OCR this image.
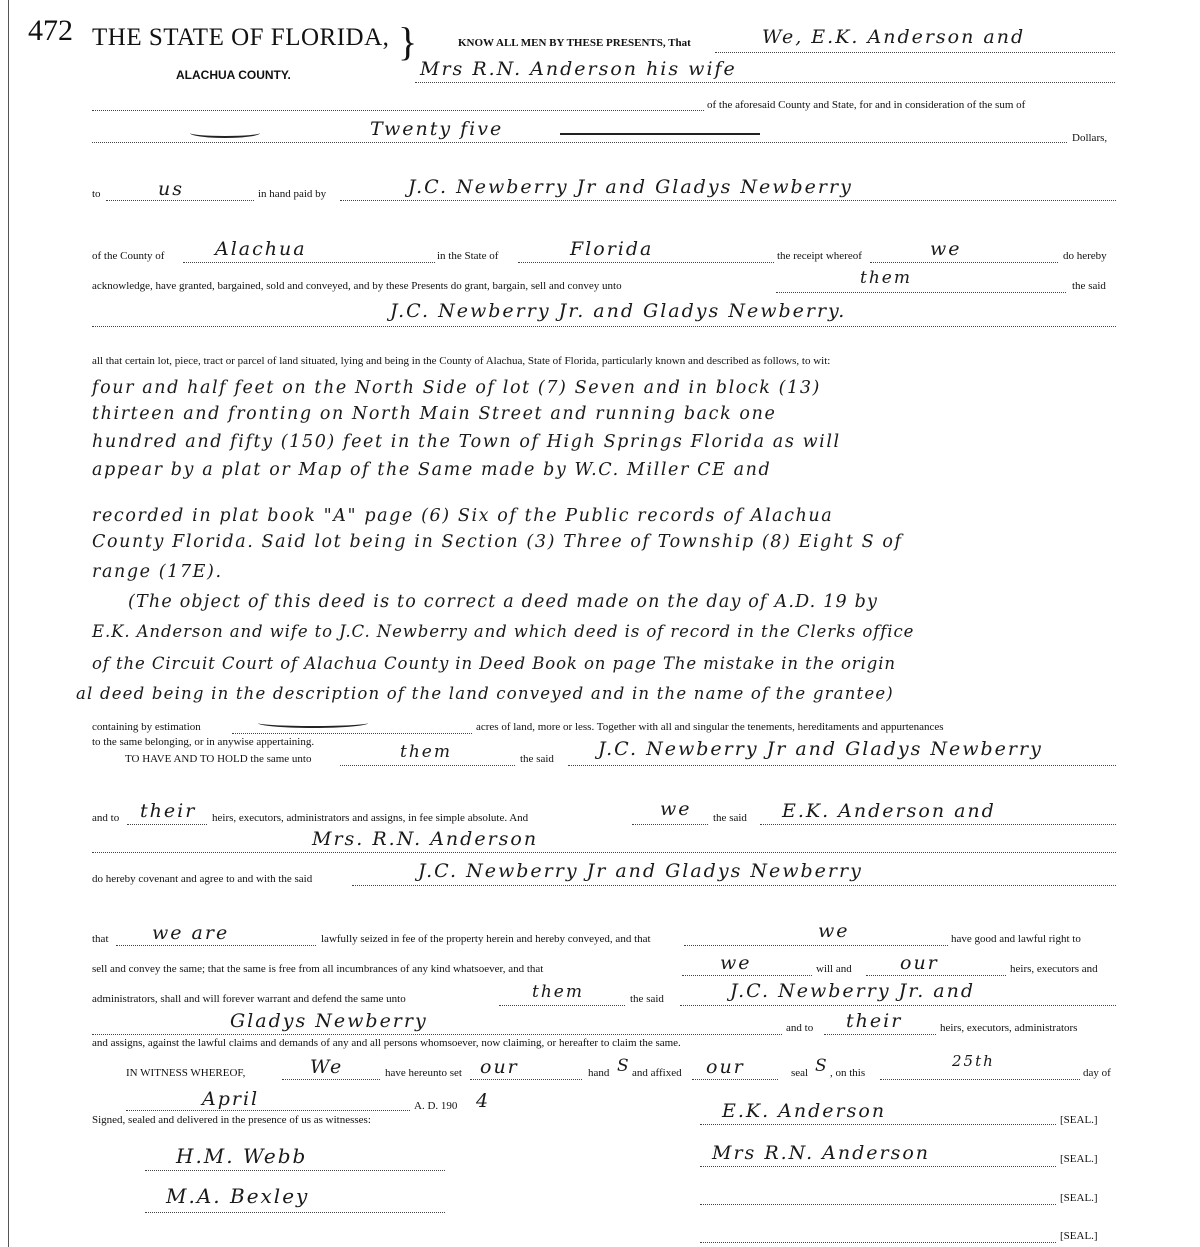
472 THE STATE OF FLORIDA, }
ALACHUA COUNTY.
KNOW ALL MEN BY THESE PRESENTS, That	We, E.K. Anderson and
Mrs R.N. Anderson his wife
of the aforesaid County and State, for and in consideration of the sum of
Twenty five	Dollars,
to	us	in hand paid by	J.C. Newberry Jr and Gladys Newberry
of the County of	Alachua	in the State of	Florida	the receipt whereof	we	do hereby
acknowledge, have granted, bargained, sold and conveyed, and by these Presents do grant, bargain, sell and convey unto	them	the said
J.C. Newberry Jr. and Gladys Newberry.
all that certain lot, piece, tract or parcel of land situated, lying and being in the County of Alachua, State of Florida, particularly known and described as follows, to wit:
four and half feet on the North Side of lot (7) Seven and in block (13)
thirteen and fronting on North Main Street and running back one
hundred and fifty (150) feet in the Town of High Springs Florida as will
appear by a plat or Map of the Same made by W.C. Miller CE and
recorded in plat book "A" page (6) Six of the Public records of Alachua
County Florida. Said lot being in Section (3) Three of Township (8) Eight S of
range (17E).
(The object of this deed is to correct a deed made on the day of A.D. 19 by
E.K. Anderson and wife to J.C. Newberry and which deed is of record in the Clerks office
of the Circuit Court of Alachua County in Deed Book on page The mistake in the origin
al deed being in the description of the land conveyed and in the name of the grantee)
containing by estimation	acres of land, more or less. Together with all and singular the tenements, hereditaments and appurtenances
to the same belonging, or in anywise appertaining.
TO HAVE AND TO HOLD the same unto	them	the said J.C. Newberry Jr and Gladys Newberry
and to their heirs, executors, administrators and assigns, in fee simple absolute. And	we the said E.K. Anderson and
Mrs. R.N. Anderson
do hereby covenant and agree to and with the said	J.C. Newberry Jr and Gladys Newberry
that we are	lawfully seized in fee of the property herein and hereby conveyed, and that	we	have good and lawful right to
sell and convey the same; that the same is free from all incumbrances of any kind whatsoever, and that	we	will and	our	heirs, executors and
administrators, shall and will forever warrant and defend the same unto	them	the said	J.C. Newberry Jr. and
Gladys Newberry	and to their	heirs, executors, administrators
and assigns, against the lawful claims and demands of any and all persons whomsoever, now claiming, or hereafter to claim the same.
IN WITNESS WHEREOF,	We	have hereunto set our	hand S and affixed our	seal S , on this
25th
day of
April	A. D. 190 4
Signed, sealed and delivered in the presence of us as witnesses:
H.M. Webb
M.A. Bexley
E.K. Anderson	[SEAL.]
Mrs R.N. Anderson	[SEAL.]
[SEAL.]
[SEAL.]
